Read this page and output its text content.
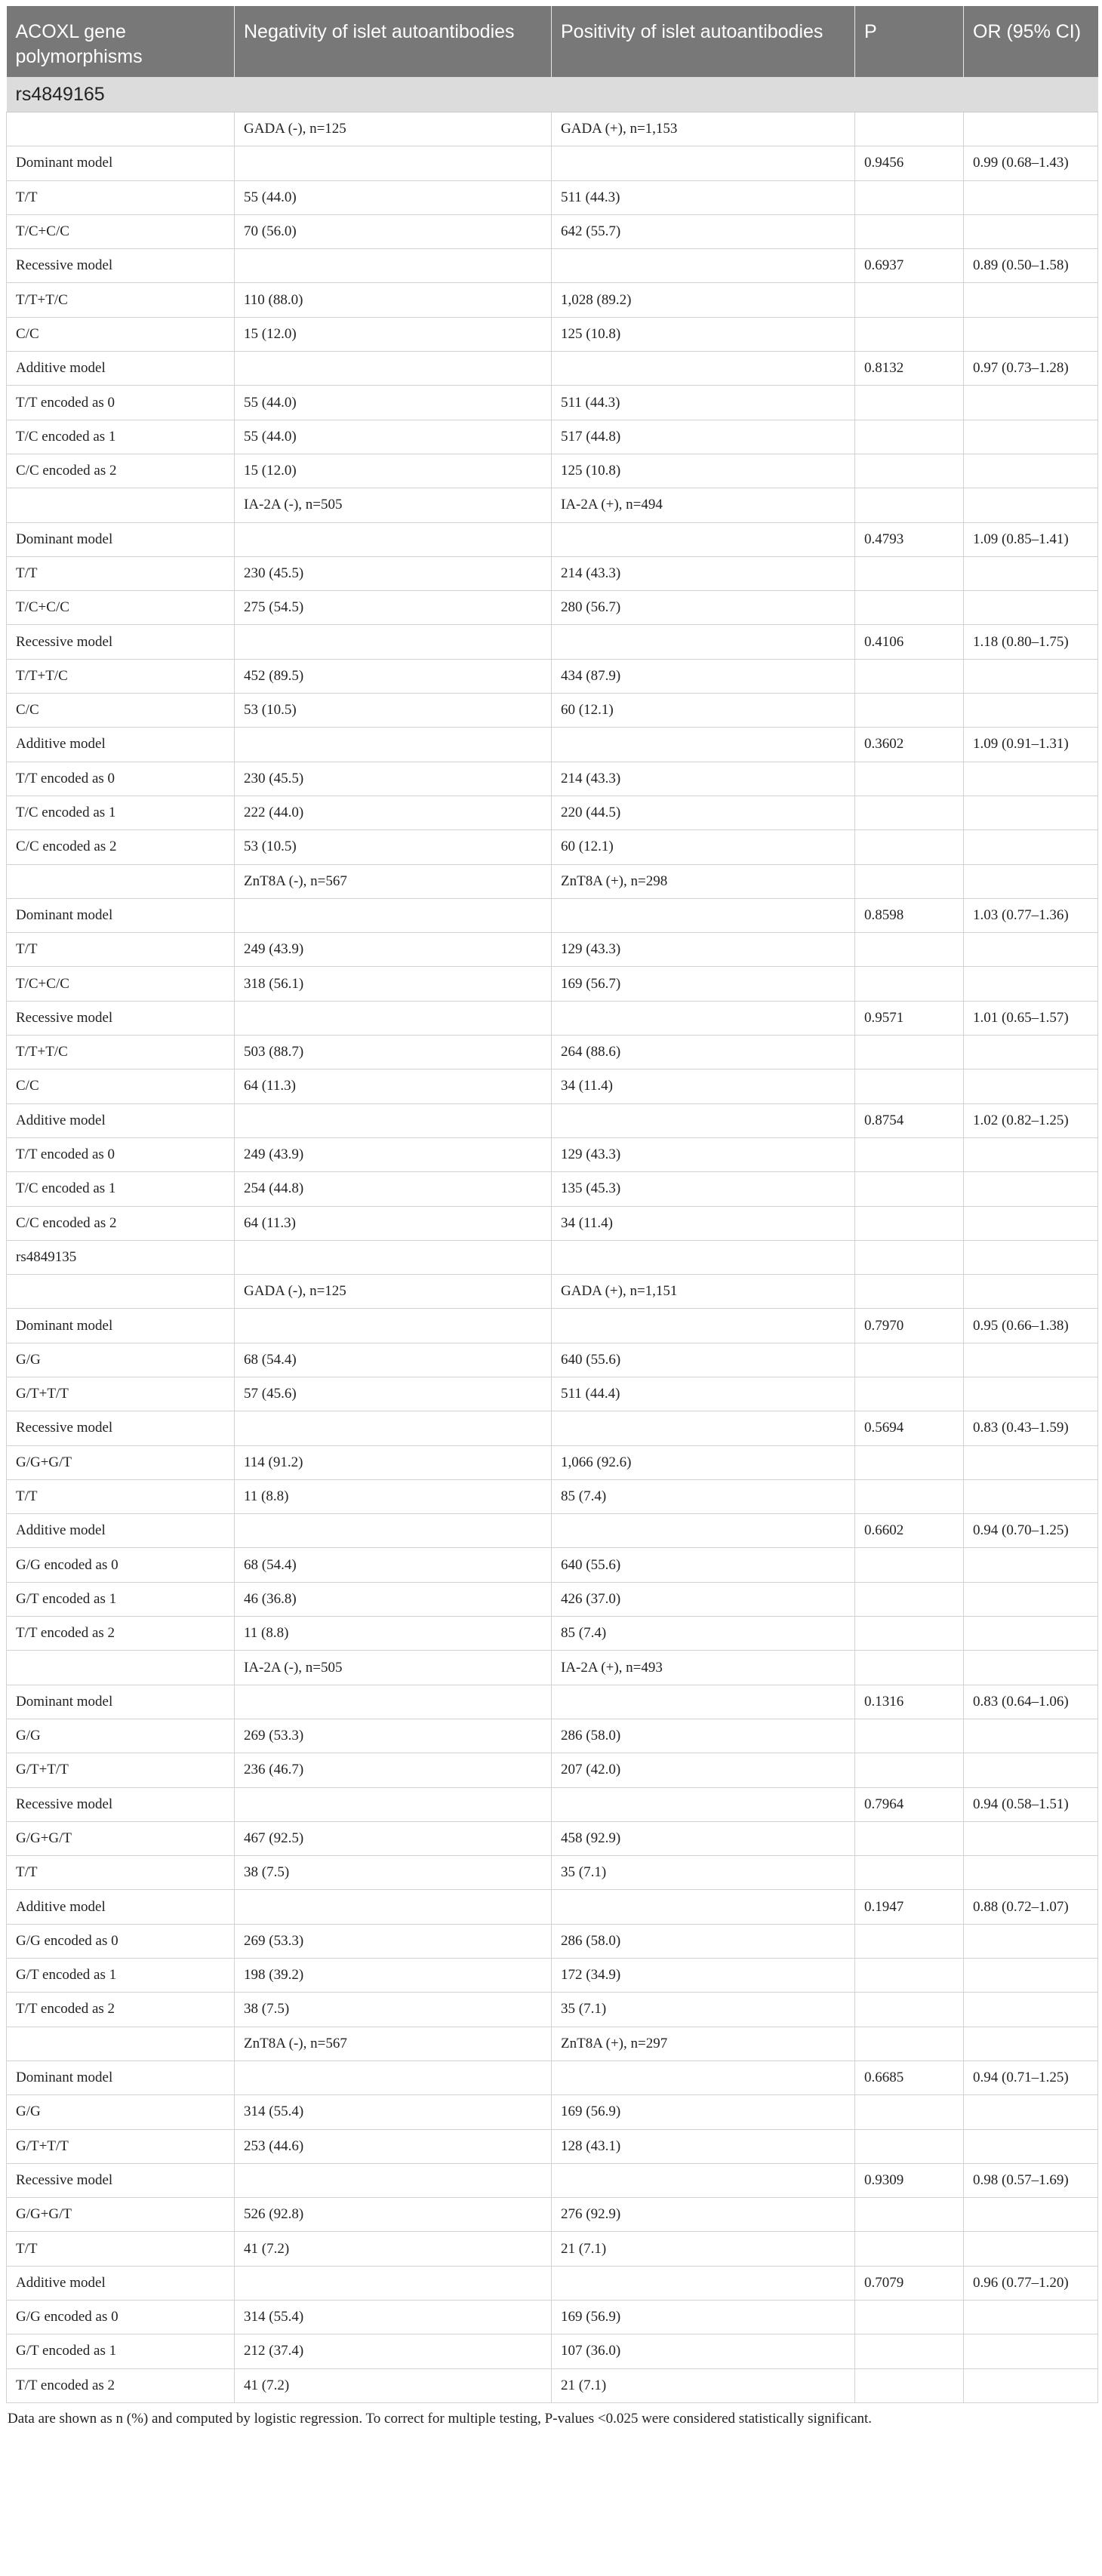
ACOXL gene polymorphisms	Negativity of islet autoantibodies	Positivity of islet autoantibodies	P	OR (95% CI)
rs4849165				
	GADA (-), n=125	GADA (+), n=1,153		
Dominant model			0.9456	0.99 (0.68–1.43)
T/T	55 (44.0)	511 (44.3)		
T/C+C/C	70 (56.0)	642 (55.7)		
Recessive model			0.6937	0.89 (0.50–1.58)
T/T+T/C	110 (88.0)	1,028 (89.2)		
C/C	15 (12.0)	125 (10.8)		
Additive model			0.8132	0.97 (0.73–1.28)
T/T encoded as 0	55 (44.0)	511 (44.3)		
T/C encoded as 1	55 (44.0)	517 (44.8)		
C/C encoded as 2	15 (12.0)	125 (10.8)		
	IA-2A (-), n=505	IA-2A (+), n=494		
Dominant model			0.4793	1.09 (0.85–1.41)
T/T	230 (45.5)	214 (43.3)		
T/C+C/C	275 (54.5)	280 (56.7)		
Recessive model			0.4106	1.18 (0.80–1.75)
T/T+T/C	452 (89.5)	434 (87.9)		
C/C	53 (10.5)	60 (12.1)		
Additive model			0.3602	1.09 (0.91–1.31)
T/T encoded as 0	230 (45.5)	214 (43.3)		
T/C encoded as 1	222 (44.0)	220 (44.5)		
C/C encoded as 2	53 (10.5)	60 (12.1)		
	ZnT8A (-), n=567	ZnT8A (+), n=298		
Dominant model			0.8598	1.03 (0.77–1.36)
T/T	249 (43.9)	129 (43.3)		
T/C+C/C	318 (56.1)	169 (56.7)		
Recessive model			0.9571	1.01 (0.65–1.57)
T/T+T/C	503 (88.7)	264 (88.6)		
C/C	64 (11.3)	34 (11.4)		
Additive model			0.8754	1.02 (0.82–1.25)
T/T encoded as 0	249 (43.9)	129 (43.3)		
T/C encoded as 1	254 (44.8)	135 (45.3)		
C/C encoded as 2	64 (11.3)	34 (11.4)		
rs4849135				
	GADA (-), n=125	GADA (+), n=1,151		
Dominant model			0.7970	0.95 (0.66–1.38)
G/G	68 (54.4)	640 (55.6)		
G/T+T/T	57 (45.6)	511 (44.4)		
Recessive model			0.5694	0.83 (0.43–1.59)
G/G+G/T	114 (91.2)	1,066 (92.6)		
T/T	11 (8.8)	85 (7.4)		
Additive model			0.6602	0.94 (0.70–1.25)
G/G encoded as 0	68 (54.4)	640 (55.6)		
G/T encoded as 1	46 (36.8)	426 (37.0)		
T/T encoded as 2	11 (8.8)	85 (7.4)		
	IA-2A (-), n=505	IA-2A (+), n=493		
Dominant model			0.1316	0.83 (0.64–1.06)
G/G	269 (53.3)	286 (58.0)		
G/T+T/T	236 (46.7)	207 (42.0)		
Recessive model			0.7964	0.94 (0.58–1.51)
G/G+G/T	467 (92.5)	458 (92.9)		
T/T	38 (7.5)	35 (7.1)		
Additive model			0.1947	0.88 (0.72–1.07)
G/G encoded as 0	269 (53.3)	286 (58.0)		
G/T encoded as 1	198 (39.2)	172 (34.9)		
T/T encoded as 2	38 (7.5)	35 (7.1)		
	ZnT8A (-), n=567	ZnT8A (+), n=297		
Dominant model			0.6685	0.94 (0.71–1.25)
G/G	314 (55.4)	169 (56.9)		
G/T+T/T	253 (44.6)	128 (43.1)		
Recessive model			0.9309	0.98 (0.57–1.69)
G/G+G/T	526 (92.8)	276 (92.9)		
T/T	41 (7.2)	21 (7.1)		
Additive model			0.7079	0.96 (0.77–1.20)
G/G encoded as 0	314 (55.4)	169 (56.9)		
G/T encoded as 1	212 (37.4)	107 (36.0)		
T/T encoded as 2	41 (7.2)	21 (7.1)		
Data are shown as n (%) and computed by logistic regression. To correct for multiple testing, P-values <0.025 were considered statistically significant.
